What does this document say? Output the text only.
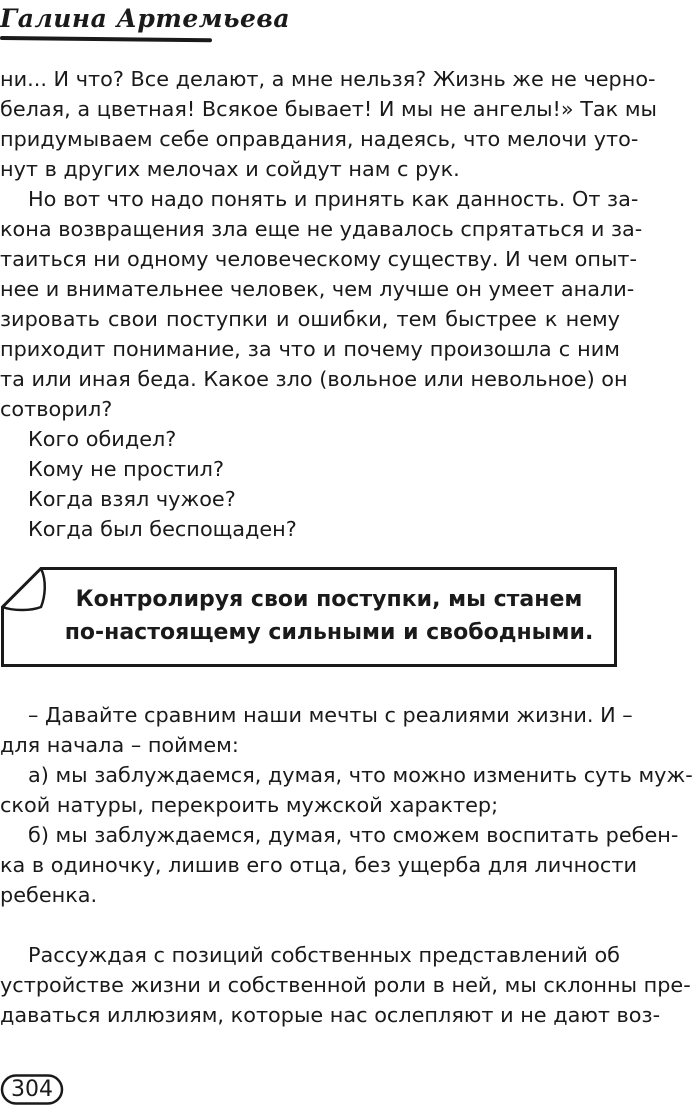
Галина Артемьева
ни... И что? Все делают, а мне нельзя? Жизнь же не черно-
белая, а цветная! Всякое бывает! И мы не ангелы!» Так мы
придумываем себе оправдания, надеясь, что мелочи уто-
нут в других мелочах и сойдут нам с рук.
Но вот что надо понять и принять как данность. От за-
кона возвращения зла еще не удавалось спрятаться и за-
таиться ни одному человеческому существу. И чем опыт-
нее и внимательнее человек, чем лучше он умеет анали-
зировать свои поступки и ошибки, тем быстрее к нему
приходит понимание, за что и почему произошла с ним
та или иная беда. Какое зло (вольное или невольное) он
сотворил?
Кого обидел?
Кому не простил?
Когда взял чужое?
Когда был беспощаден?
Контролируя свои поступки, мы станем
по-настоящему сильными и свободными.
– Давайте сравним наши мечты с реалиями жизни. И –
для начала – поймем:
а) мы заблуждаемся, думая, что можно изменить суть муж-
ской натуры, перекроить мужской характер;
б) мы заблуждаемся, думая, что сможем воспитать ребен-
ка в одиночку, лишив его отца, без ущерба для личности
ребенка.
Рассуждая с позиций собственных представлений об
устройстве жизни и собственной роли в ней, мы склонны пре-
даваться иллюзиям, которые нас ослепляют и не дают воз-
304
